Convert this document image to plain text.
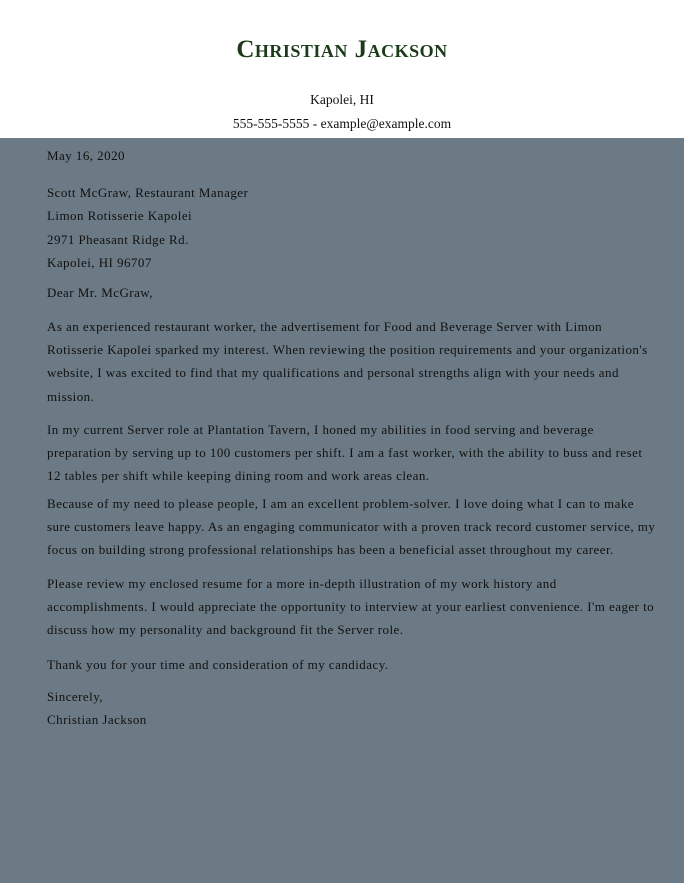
Christian Jackson
Kapolei, HI
555-555-5555 - example@example.com

May 16, 2020

Scott McGraw, Restaurant Manager
Limon Rotisserie Kapolei
2971 Pheasant Ridge Rd.
Kapolei, HI 96707

Dear Mr. McGraw,

As an experienced restaurant worker, the advertisement for Food and Beverage Server with Limon
Rotisserie Kapolei sparked my interest. When reviewing the position requirements and your organization's
website, I was excited to find that my qualifications and personal strengths align with your needs and
mission.
In my current Server role at Plantation Tavern, I honed my abilities in food serving and beverage
preparation by serving up to 100 customers per shift. I am a fast worker, with the ability to buss and reset
12 tables per shift while keeping dining room and work areas clean.
Because of my need to please people, I am an excellent problem-solver. I love doing what I can to make
sure customers leave happy. As an engaging communicator with a proven track record customer service, my
focus on building strong professional relationships has been a beneficial asset throughout my career.
Please review my enclosed resume for a more in-depth illustration of my work history and
accomplishments. I would appreciate the opportunity to interview at your earliest convenience. I'm eager to
discuss how my personality and background fit the Server role.
Thank you for your time and consideration of my candidacy.
Sincerely,
Christian Jackson
